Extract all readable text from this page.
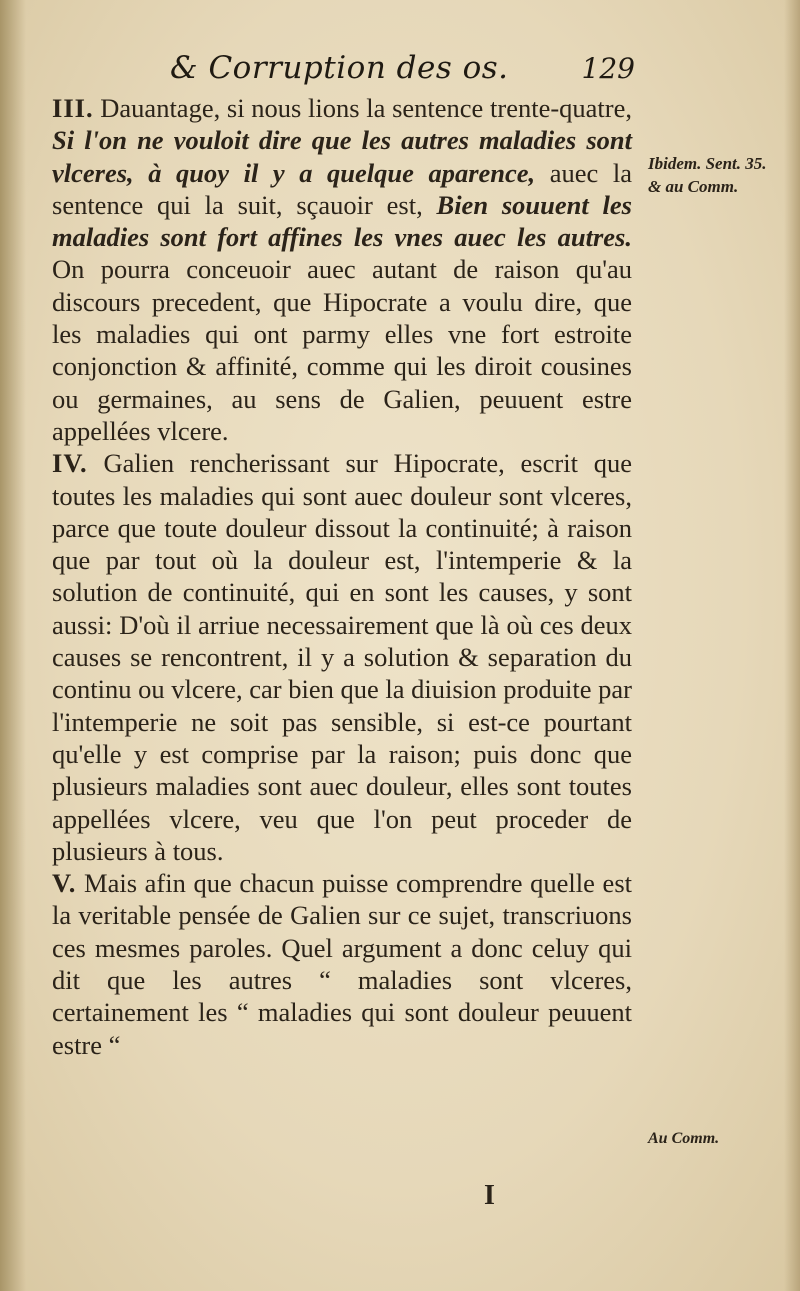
& Corruption des os.	129

III. Dauantage, si nous lions la sentence trente-quatre, Si l'on ne vouloit dire que les autres maladies sont vlceres, à quoy il y a quelque aparence, auec la sentence qui la suit, sçauoir est, Bien souuent les maladies sont fort affines les vnes auec les autres. On pourra conceuoir auec autant de raison qu'au discours precedent, que Hipocrate a voulu dire, que les maladies qui ont parmy elles vne fort estroite conjonction & affinité, comme qui les diroit cousines ou germaines, au sens de Galien, peuuent estre appellées vlcere.

IV. Galien rencherissant sur Hipocrate, escrit que toutes les maladies qui sont auec douleur sont vlceres, parce que toute douleur dissout la continuité; à raison que par tout où la douleur est, l'intemperie & la solution de continuité, qui en sont les causes, y sont aussi: D'où il arriue necessairement que là où ces deux causes se rencontrent, il y a solution & separation du continu ou vlcere, car bien que la diuision produite par l'intemperie ne soit pas sensible, si est-ce pourtant qu'elle y est comprise par la raison; puis donc que plusieurs maladies sont auec douleur, elles sont toutes appellées vlcere, veu que l'on peut proceder de plusieurs à tous.

V. Mais afin que chacun puisse comprendre quelle est la veritable pensée de Galien sur ce sujet, transcriuons ces mesmes paroles. Quel argument a donc celuy qui dit que les autres “ maladies sont vlceres, certainement les “ maladies qui sont douleur peuuent estre “

Ibidem. Sent. 35. & au Comm.
Au Comm.
I
